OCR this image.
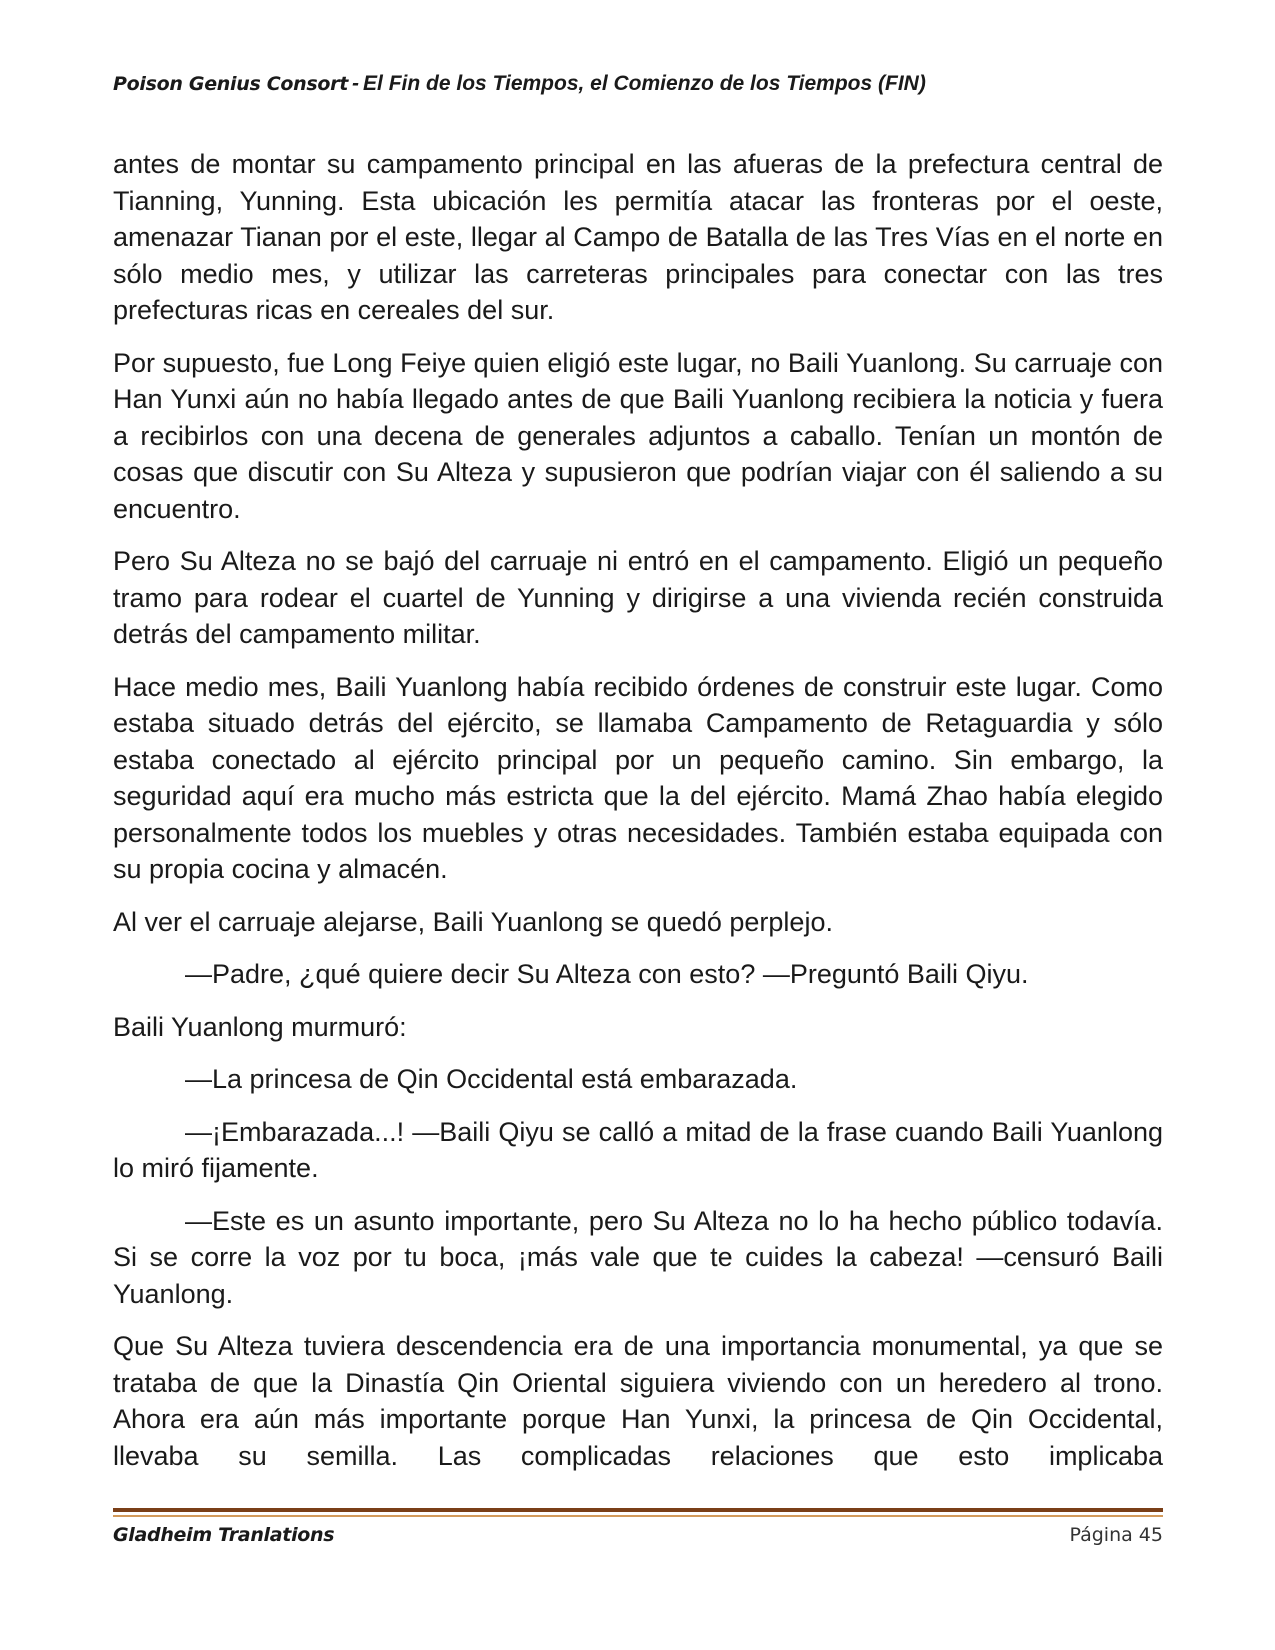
Poison Genius Consort - El Fin de los Tiempos, el Comienzo de los Tiempos (FIN)

antes de montar su campamento principal en las afueras de la prefectura central de Tianning, Yunning. Esta ubicación les permitía atacar las fronteras por el oeste, amenazar Tianan por el este, llegar al Campo de Batalla de las Tres Vías en el norte en sólo medio mes, y utilizar las carreteras principales para conectar con las tres prefecturas ricas en cereales del sur.

Por supuesto, fue Long Feiye quien eligió este lugar, no Baili Yuanlong. Su carruaje con Han Yunxi aún no había llegado antes de que Baili Yuanlong recibiera la noticia y fuera a recibirlos con una decena de generales adjuntos a caballo. Tenían un montón de cosas que discutir con Su Alteza y supusieron que podrían viajar con él saliendo a su encuentro.

Pero Su Alteza no se bajó del carruaje ni entró en el campamento. Eligió un pequeño tramo para rodear el cuartel de Yunning y dirigirse a una vivienda recién construida detrás del campamento militar.

Hace medio mes, Baili Yuanlong había recibido órdenes de construir este lugar. Como estaba situado detrás del ejército, se llamaba Campamento de Retaguardia y sólo estaba conectado al ejército principal por un pequeño camino. Sin embargo, la seguridad aquí era mucho más estricta que la del ejército. Mamá Zhao había elegido personalmente todos los muebles y otras necesidades. También estaba equipada con su propia cocina y almacén.

Al ver el carruaje alejarse, Baili Yuanlong se quedó perplejo.

—Padre, ¿qué quiere decir Su Alteza con esto? —Preguntó Baili Qiyu.

Baili Yuanlong murmuró:

—La princesa de Qin Occidental está embarazada.

—¡Embarazada...! —Baili Qiyu se calló a mitad de la frase cuando Baili Yuanlong lo miró fijamente.

—Este es un asunto importante, pero Su Alteza no lo ha hecho público todavía. Si se corre la voz por tu boca, ¡más vale que te cuides la cabeza! —censuró Baili Yuanlong.

Que Su Alteza tuviera descendencia era de una importancia monumental, ya que se trataba de que la Dinastía Qin Oriental siguiera viviendo con un heredero al trono. Ahora era aún más importante porque Han Yunxi, la princesa de Qin Occidental, llevaba su semilla. Las complicadas relaciones que esto implicaba

Gladheim Tranlations	Página 45
